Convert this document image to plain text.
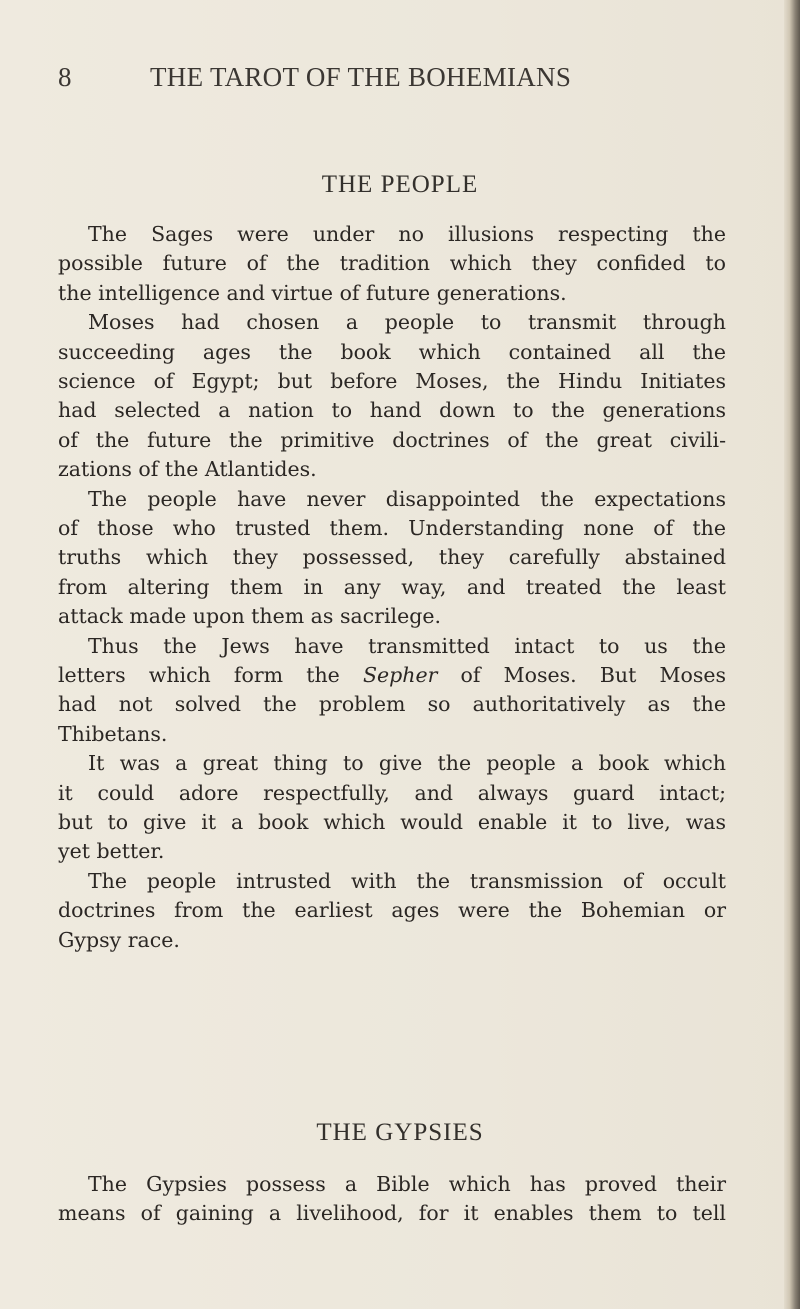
8	THE TAROT OF THE BOHEMIANS
THE PEOPLE
The Sages were under no illusions respecting the
possible future of the tradition which they confided to
the intelligence and virtue of future generations.
Moses had chosen a people to transmit through
succeeding ages the book which contained all the
science of Egypt; but before Moses, the Hindu Initiates
had selected a nation to hand down to the generations
of the future the primitive doctrines of the great civili-
zations of the Atlantides.
The people have never disappointed the expectations
of those who trusted them. Understanding none of the
truths which they possessed, they carefully abstained
from altering them in any way, and treated the least
attack made upon them as sacrilege.
Thus the Jews have transmitted intact to us the
letters which form the Sepher of Moses. But Moses
had not solved the problem so authoritatively as the
Thibetans.
It was a great thing to give the people a book which
it could adore respectfully, and always guard intact;
but to give it a book which would enable it to live, was
yet better.
The people intrusted with the transmission of occult
doctrines from the earliest ages were the Bohemian or
Gypsy race.
THE GYPSIES
The Gypsies possess a Bible which has proved their
means of gaining a livelihood, for it enables them to tell
